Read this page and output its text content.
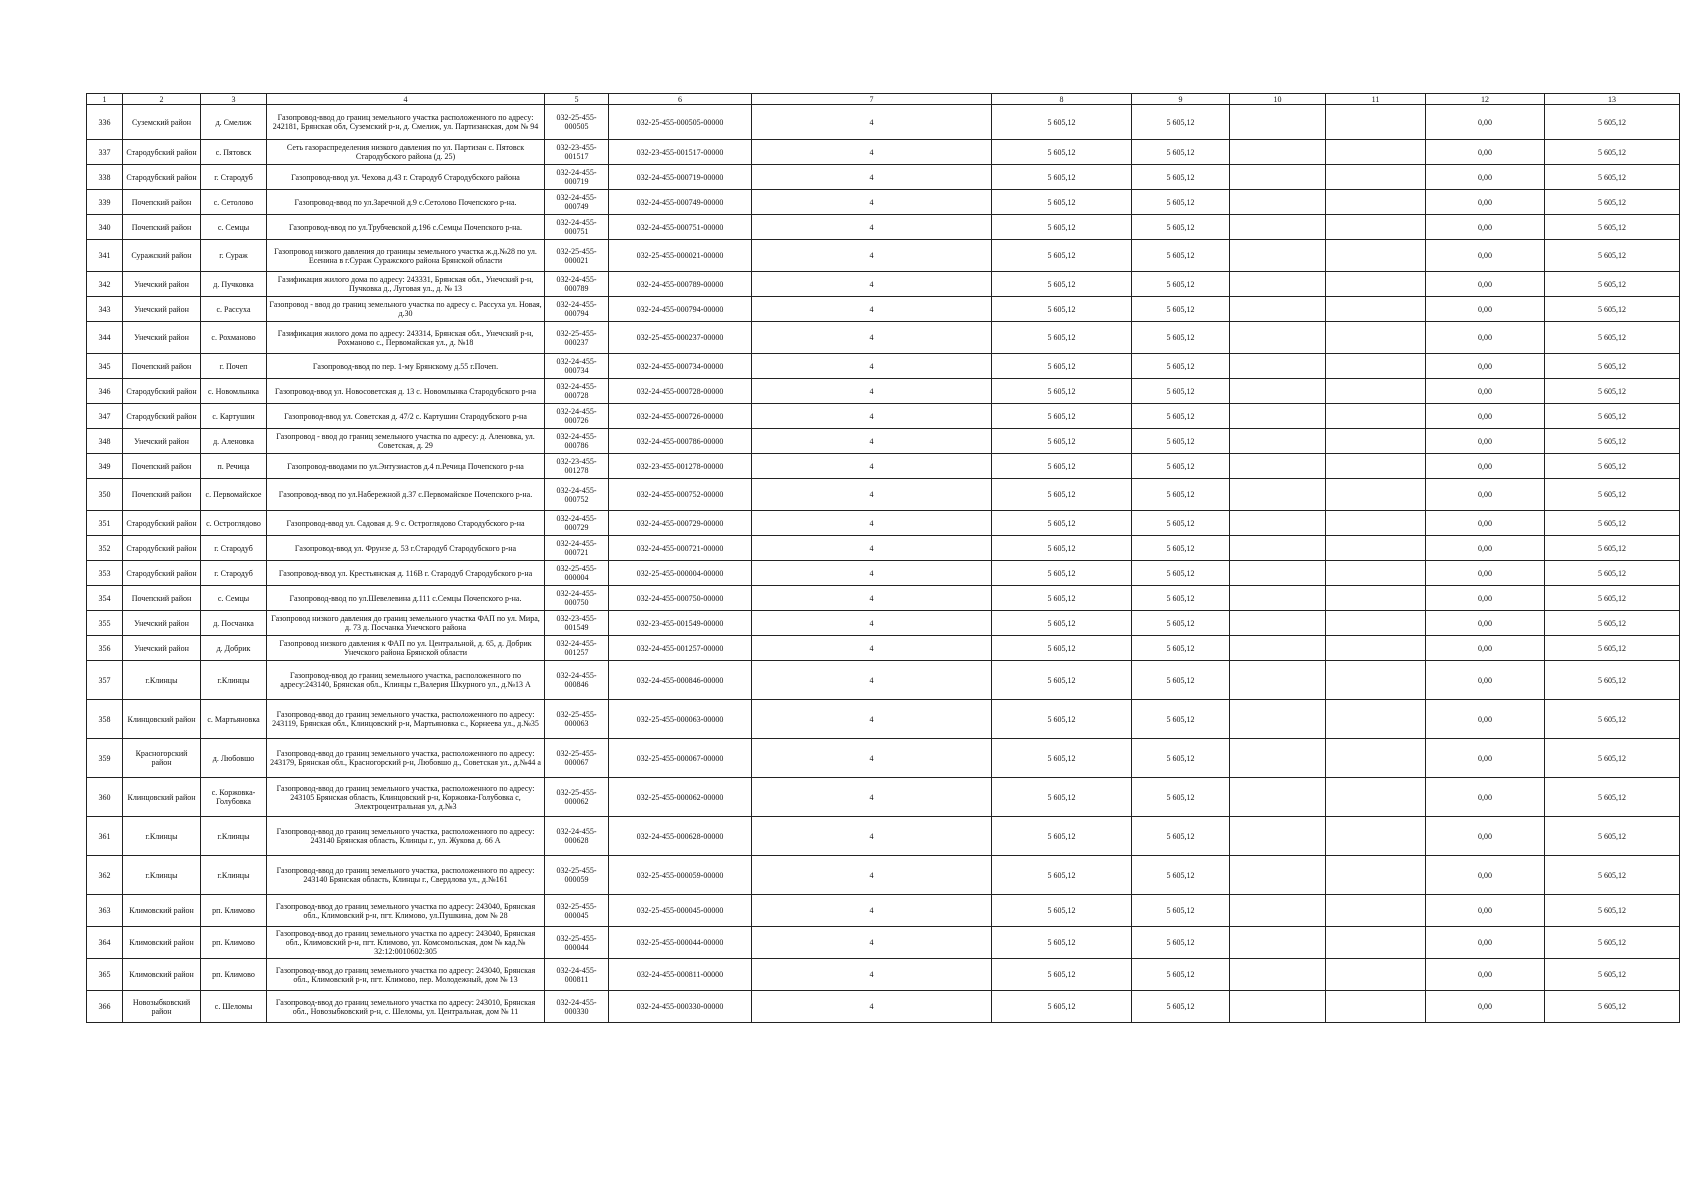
1	2	3	4	5	6	7	8	9	10	11	12	13
336	Суземский район	д. Смелиж	Газопровод-ввод до границ земельного участка расположенного по адресу: 242181, Брянская обл, Суземский р-н, д. Смелиж, ул. Партизанская, дом № 94	032-25-455-000505	032-25-455-000505-00000	4	5 605,12	5 605,12			0,00	5 605,12
337	Стародубский район	с. Пятовск	Сеть газораспределения низкого давления по ул. Партизан с. Пятовск Стародубского района (д. 25)	032-23-455-001517	032-23-455-001517-00000	4	5 605,12	5 605,12			0,00	5 605,12
338	Стародубский район	г. Стародуб	Газопровод-ввод ул. Чехова д.43 г. Стародуб Стародубского района	032-24-455-000719	032-24-455-000719-00000	4	5 605,12	5 605,12			0,00	5 605,12
339	Почепский район	с. Сетолово	Газопровод-ввод по ул.Заречной д.9 с.Сетолово Почепского р-на.	032-24-455-000749	032-24-455-000749-00000	4	5 605,12	5 605,12			0,00	5 605,12
340	Почепский район	с. Семцы	Газопровод-ввод по ул.Трубчевской д.196 с.Семцы Почепского р-на.	032-24-455-000751	032-24-455-000751-00000	4	5 605,12	5 605,12			0,00	5 605,12
341	Суражский район	г. Сураж	Газопровод низкого давления до границы земельного участка ж.д.№28 по ул. Есенина в г.Сураж Суражского района Брянской области	032-25-455-000021	032-25-455-000021-00000	4	5 605,12	5 605,12			0,00	5 605,12
342	Унечский район	д. Пучковка	Газификация жилого дома по адресу: 243331, Брянская обл., Унечский р-н, Пучковка д., Луговая ул., д. № 13	032-24-455-000789	032-24-455-000789-00000	4	5 605,12	5 605,12			0,00	5 605,12
343	Унечский район	с. Рассуха	Газопровод - ввод до границ земельного участка по адресу с. Рассуха ул. Новая, д.30	032-24-455-000794	032-24-455-000794-00000	4	5 605,12	5 605,12			0,00	5 605,12
344	Унечский район	с. Рохманово	Газификация жилого дома по адресу: 243314, Брянская обл., Унечский р-н, Рохманово с., Первомайская ул., д. №18	032-25-455-000237	032-25-455-000237-00000	4	5 605,12	5 605,12			0,00	5 605,12
345	Почепский район	г. Почеп	Газопровод-ввод по пер. 1-му Брянскому д.55 г.Почеп.	032-24-455-000734	032-24-455-000734-00000	4	5 605,12	5 605,12			0,00	5 605,12
346	Стародубский район	с. Новомлынка	Газопровод-ввод ул. Новосоветская д. 13 с. Новомлынка Стародубского р-на	032-24-455-000728	032-24-455-000728-00000	4	5 605,12	5 605,12			0,00	5 605,12
347	Стародубский район	с. Картушин	Газопровод-ввод ул. Советская д. 47/2 с. Картушин Стародубского р-на	032-24-455-000726	032-24-455-000726-00000	4	5 605,12	5 605,12			0,00	5 605,12
348	Унечский район	д. Аленовка	Газопровод - ввод до границ земельного участка по адресу: д. Аленовка, ул. Советская, д. 29	032-24-455-000786	032-24-455-000786-00000	4	5 605,12	5 605,12			0,00	5 605,12
349	Почепский район	п. Речица	Газопровод-вводами по ул.Энтузиастов д.4 п.Речица Почепского р-на	032-23-455-001278	032-23-455-001278-00000	4	5 605,12	5 605,12			0,00	5 605,12
350	Почепский район	с. Первомайское	Газопровод-ввод по ул.Набережной д.37 с.Первомайское Почепского р-на.	032-24-455-000752	032-24-455-000752-00000	4	5 605,12	5 605,12			0,00	5 605,12
351	Стародубский район	с. Остроглядово	Газопровод-ввод ул. Садовая д. 9 с. Остроглядово Стародубского р-на	032-24-455-000729	032-24-455-000729-00000	4	5 605,12	5 605,12			0,00	5 605,12
352	Стародубский район	г. Стародуб	Газопровод-ввод ул. Фрунзе д. 53 г.Стародуб Стародубского р-на	032-24-455-000721	032-24-455-000721-00000	4	5 605,12	5 605,12			0,00	5 605,12
353	Стародубский район	г. Стародуб	Газопровод-ввод ул. Крестьянская д. 116В г. Стародуб Стародубского р-на	032-25-455-000004	032-25-455-000004-00000	4	5 605,12	5 605,12			0,00	5 605,12
354	Почепский район	с. Семцы	Газопровод-ввод по ул.Шевелевина д.111 с.Семцы Почепского р-на.	032-24-455-000750	032-24-455-000750-00000	4	5 605,12	5 605,12			0,00	5 605,12
355	Унечский район	д. Посчанка	Газопровод низкого давления до границ земельного участка ФАП по ул. Мира, д. 73 д. Посчанка Унечского района	032-23-455-001549	032-23-455-001549-00000	4	5 605,12	5 605,12			0,00	5 605,12
356	Унечский район	д. Добрик	Газопровод низкого давления к ФАП по ул. Центральной, д. 65, д. Добрик Унечского района Брянской области	032-24-455-001257	032-24-455-001257-00000	4	5 605,12	5 605,12			0,00	5 605,12
357	г.Клинцы	г.Клинцы	Газопровод-ввод до границ земельного участка, расположенного по адресу:243140, Брянская обл., Клинцы г.,Валерия Шкурного ул., д.№13 А	032-24-455-000846	032-24-455-000846-00000	4	5 605,12	5 605,12			0,00	5 605,12
358	Клинцовский район	с. Мартьяновка	Газопровод-ввод до границ земельного участка, расположенного по адресу: 243119, Брянская обл., Клинцовский р-н, Мартьяновка с., Корнеева ул., д.№35	032-25-455-000063	032-25-455-000063-00000	4	5 605,12	5 605,12			0,00	5 605,12
359	Красногорский район	д. Любовшо	Газопровод-ввод до границ земельного участка, расположенного по адресу: 243179, Брянская обл., Красногорский р-н, Любовшо д., Советская ул., д.№44 а	032-25-455-000067	032-25-455-000067-00000	4	5 605,12	5 605,12			0,00	5 605,12
360	Клинцовский район	с. Коржовка-Голубовка	Газопровод-ввод до границ земельного участка, расположенного по адресу: 243105 Брянская область, Клинцовский р-н, Коржовка-Голубовка с, Электроцентральная ул, д.№3	032-25-455-000062	032-25-455-000062-00000	4	5 605,12	5 605,12			0,00	5 605,12
361	г.Клинцы	г.Клинцы	Газопровод-ввод до границ земельного участка, расположенного по адресу: 243140 Брянская область, Клинцы г., ул. Жукова д. 66 А	032-24-455-000628	032-24-455-000628-00000	4	5 605,12	5 605,12			0,00	5 605,12
362	г.Клинцы	г.Клинцы	Газопровод-ввод до границ земельного участка, расположенного по адресу: 243140 Брянская область, Клинцы г., Свердлова ул., д.№161	032-25-455-000059	032-25-455-000059-00000	4	5 605,12	5 605,12			0,00	5 605,12
363	Климовский район	рп. Климово	Газопровод-ввод до границ земельного участка по адресу: 243040, Брянская обл., Климовский р-н, пгт. Климово, ул.Пушкина, дом № 28	032-25-455-000045	032-25-455-000045-00000	4	5 605,12	5 605,12			0,00	5 605,12
364	Климовский район	рп. Климово	Газопровод-ввод до границ земельного участка по адресу: 243040, Брянская обл., Климовский р-н, пгт. Климово, ул. Комсомольская, дом № кад.№ 32:12:0010602:305	032-25-455-000044	032-25-455-000044-00000	4	5 605,12	5 605,12			0,00	5 605,12
365	Климовский район	рп. Климово	Газопровод-ввод до границ земельного участка по адресу: 243040, Брянская обл., Климовский р-н, пгт. Климово, пер. Молодежный, дом № 13	032-24-455-000811	032-24-455-000811-00000	4	5 605,12	5 605,12			0,00	5 605,12
366	Новозыбковский район	с. Шеломы	Газопровод-ввод до границ земельного участка по адресу: 243010, Брянская обл., Новозыбковский р-н, с. Шеломы, ул. Центральная, дом № 11	032-24-455-000330	032-24-455-000330-00000	4	5 605,12	5 605,12			0,00	5 605,12
